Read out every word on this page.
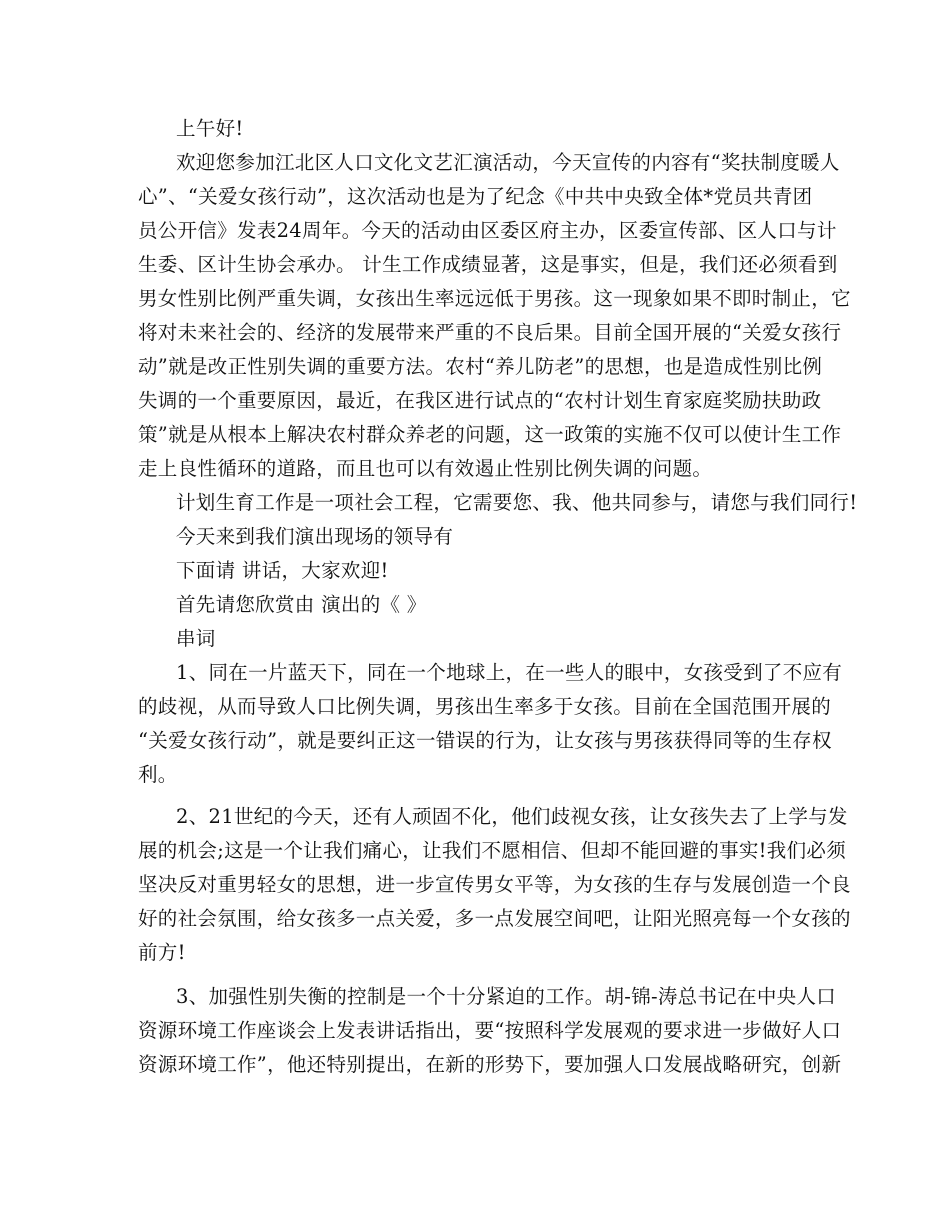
上午好!
欢迎您参加江北区人口文化文艺汇演活动，今天宣传的内容有“奖扶制度暖人
心”、“关爱女孩行动”，这次活动也是为了纪念《中共中央致全体*党员共青团
员公开信》发表24周年。今天的活动由区委区府主办，区委宣传部、区人口与计
生委、区计生协会承办。 计生工作成绩显著，这是事实，但是，我们还必须看到
男女性别比例严重失调，女孩出生率远远低于男孩。这一现象如果不即时制止，它
将对未来社会的、经济的发展带来严重的不良后果。目前全国开展的“关爱女孩行
动”就是改正性别失调的重要方法。农村“养儿防老”的思想，也是造成性别比例
失调的一个重要原因，最近，在我区进行试点的“农村计划生育家庭奖励扶助政
策”就是从根本上解决农村群众养老的问题，这一政策的实施不仅可以使计生工作
走上良性循环的道路，而且也可以有效遏止性别比例失调的问题。
计划生育工作是一项社会工程，它需要您、我、他共同参与，请您与我们同行!
今天来到我们演出现场的领导有
下面请 讲话，大家欢迎!
首先请您欣赏由 演出的《 》
串词
1、同在一片蓝天下，同在一个地球上，在一些人的眼中，女孩受到了不应有
的歧视，从而导致人口比例失调，男孩出生率多于女孩。目前在全国范围开展的
“关爱女孩行动”，就是要纠正这一错误的行为，让女孩与男孩获得同等的生存权
利。
2、21世纪的今天，还有人顽固不化，他们歧视女孩，让女孩失去了上学与发
展的机会;这是一个让我们痛心，让我们不愿相信、但却不能回避的事实!我们必须
坚决反对重男轻女的思想，进一步宣传男女平等，为女孩的生存与发展创造一个良
好的社会氛围，给女孩多一点关爱，多一点发展空间吧，让阳光照亮每一个女孩的
前方!
3、加强性别失衡的控制是一个十分紧迫的工作。胡-锦-涛总书记在中央人口
资源环境工作座谈会上发表讲话指出，要“按照科学发展观的要求进一步做好人口
资源环境工作”，他还特别提出，在新的形势下，要加强人口发展战略研究，创新
